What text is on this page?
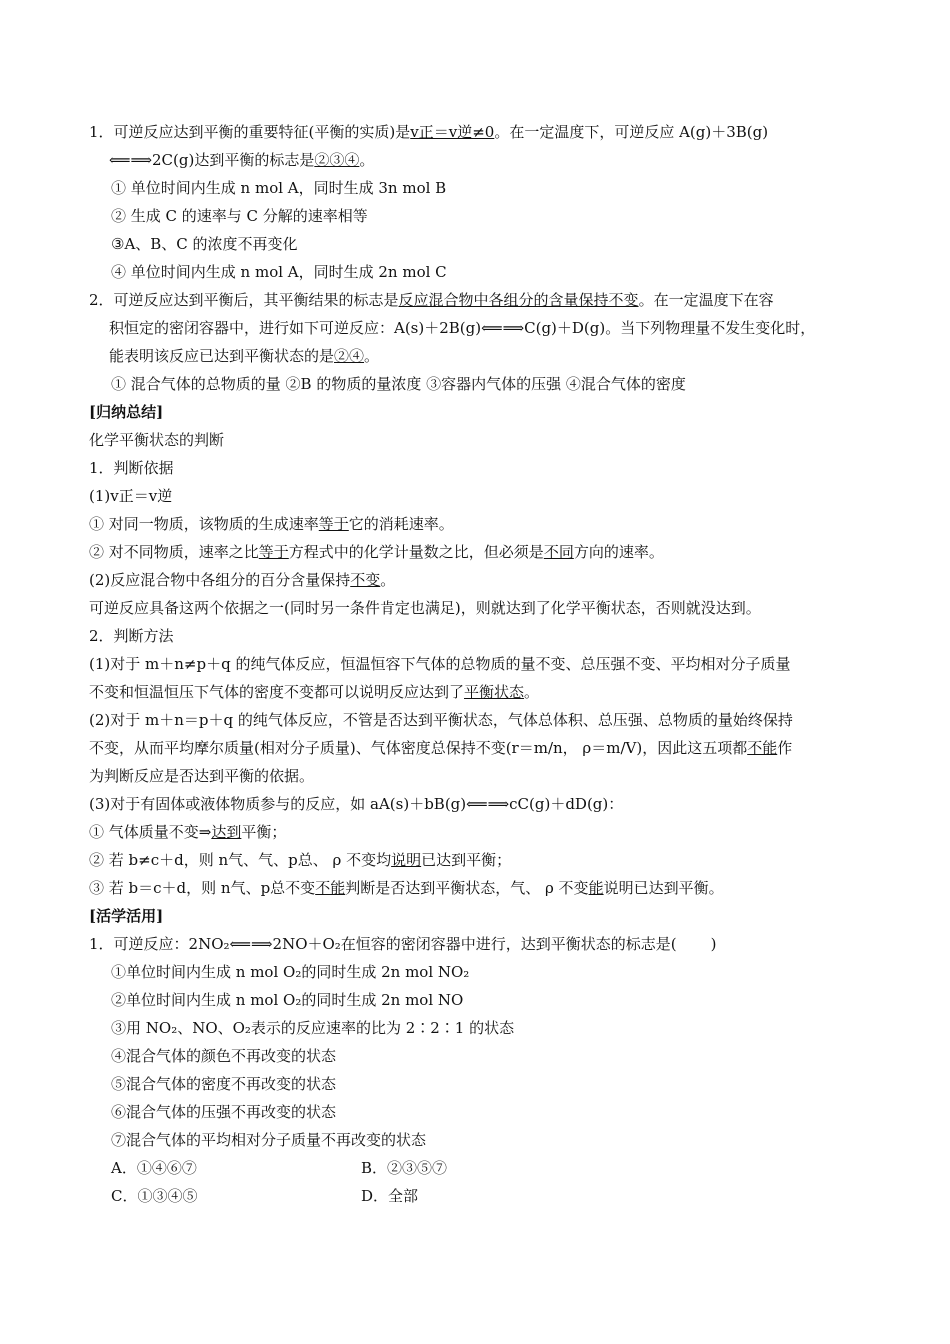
1．可逆反应达到平衡的重要特征(平衡的实质)是v正＝v逆≠0。在一定温度下，可逆反应 A(g)＋3B(g)
⟸⟹2C(g)达到平衡的标志是②③④。
① 单位时间内生成 n mol A，同时生成 3n mol B
② 生成 C 的速率与 C 分解的速率相等
③A、B、C 的浓度不再变化
④ 单位时间内生成 n mol A，同时生成 2n mol C
2．可逆反应达到平衡后，其平衡结果的标志是反应混合物中各组分的含量保持不变。在一定温度下在容
积恒定的密闭容器中，进行如下可逆反应：A(s)＋2B(g)⟸⟹C(g)＋D(g)。当下列物理量不发生变化时，
能表明该反应已达到平衡状态的是②④。
① 混合气体的总物质的量 ②B 的物质的量浓度 ③容器内气体的压强 ④混合气体的密度
[归纳总结]
化学平衡状态的判断
1．判断依据
(1)v正＝v逆
① 对同一物质，该物质的生成速率等于它的消耗速率。
② 对不同物质，速率之比等于方程式中的化学计量数之比，但必须是不同方向的速率。
(2)反应混合物中各组分的百分含量保持不变。
可逆反应具备这两个依据之一(同时另一条件肯定也满足)，则就达到了化学平衡状态，否则就没达到。
2．判断方法
(1)对于 m＋n≠p＋q 的纯气体反应，恒温恒容下气体的总物质的量不变、总压强不变、平均相对分子质量
不变和恒温恒压下气体的密度不变都可以说明反应达到了平衡状态。
(2)对于 m＋n＝p＋q 的纯气体反应，不管是否达到平衡状态，气体总体积、总压强、总物质的量始终保持
不变，从而平均摩尔质量(相对分子质量)、气体密度总保持不变(r＝m/n， ρ＝m/V)，因此这五项都不能作
为判断反应是否达到平衡的依据。
(3)对于有固体或液体物质参与的反应，如 aA(s)＋bB(g)⟸⟹cC(g)＋dD(g)：
① 气体质量不变⇒达到平衡；
② 若 b≠c＋d，则 n气、气、p总、 ρ 不变均说明已达到平衡；
③ 若 b＝c＋d，则 n气、p总不变不能判断是否达到平衡状态，气、 ρ 不变能说明已达到平衡。
[活学活用]
1．可逆反应：2NO₂⟸⟹2NO＋O₂在恒容的密闭容器中进行，达到平衡状态的标志是( )
①单位时间内生成 n mol O₂的同时生成 2n mol NO₂
②单位时间内生成 n mol O₂的同时生成 2n mol NO
③用 NO₂、NO、O₂表示的反应速率的比为 2∶2∶1 的状态
④混合气体的颜色不再改变的状态
⑤混合气体的密度不再改变的状态
⑥混合气体的压强不再改变的状态
⑦混合气体的平均相对分子质量不再改变的状态
A．①④⑥⑦	B．②③⑤⑦
C．①③④⑤	D．全部
